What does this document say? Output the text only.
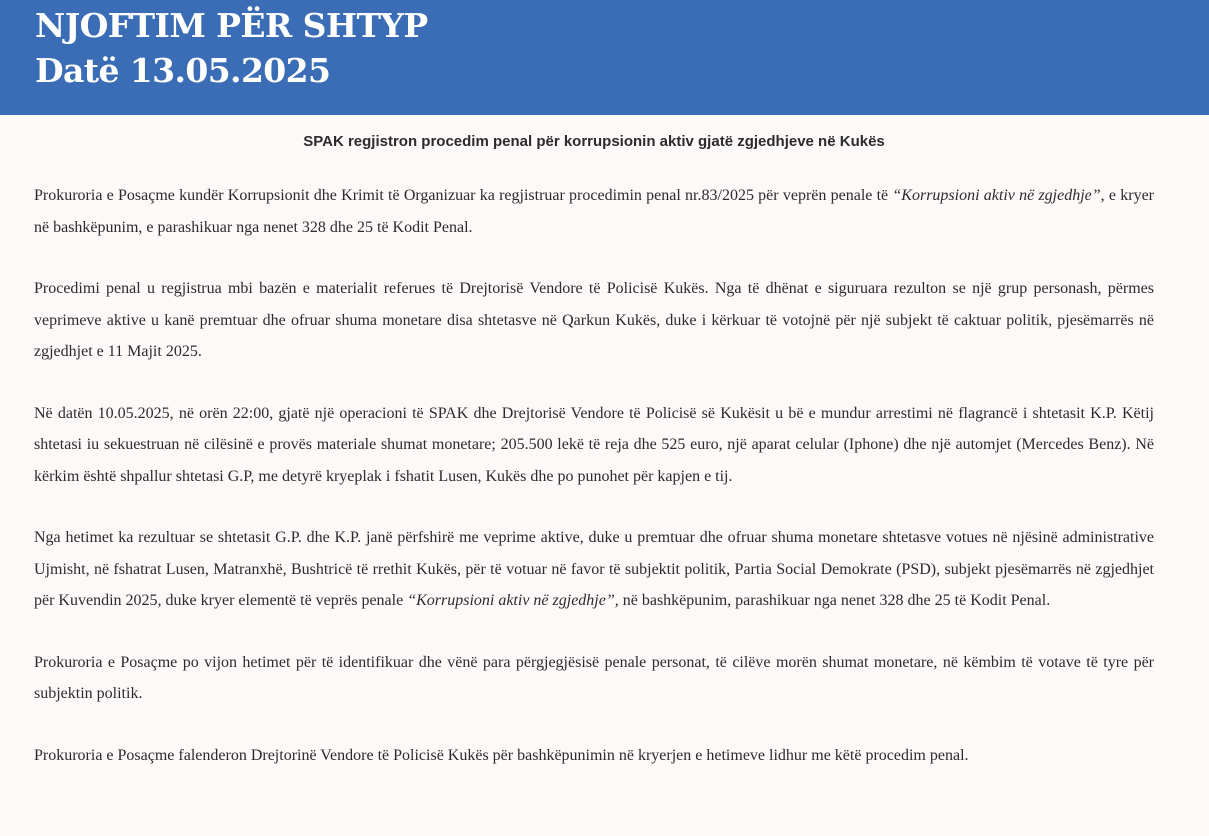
NJOFTIM PËR SHTYP
Datë 13.05.2025
SPAK regjistron procedim penal për korrupsionin aktiv gjatë zgjedhjeve në Kukës

Prokuroria e Posaçme kundër Korrupsionit dhe Krimit të Organizuar ka regjistruar procedimin penal nr.83/2025 për veprën penale të “Korrupsioni aktiv në zgjedhje”, e kryer në bashkëpunim, e parashikuar nga nenet 328 dhe 25 të Kodit Penal.

Procedimi penal u regjistrua mbi bazën e materialit referues të Drejtorisë Vendore të Policisë Kukës. Nga të dhënat e siguruara rezulton se një grup personash, përmes veprimeve aktive u kanë premtuar dhe ofruar shuma monetare disa shtetasve në Qarkun Kukës, duke i kërkuar të votojnë për një subjekt të caktuar politik, pjesëmarrës në zgjedhjet e 11 Majit 2025.

Në datën 10.05.2025, në orën 22:00, gjatë një operacioni të SPAK dhe Drejtorisë Vendore të Policisë së Kukësit u bë e mundur arrestimi në flagrancë i shtetasit K.P. Këtij shtetasi iu sekuestruan në cilësinë e provës materiale shumat monetare; 205.500 lekë të reja dhe 525 euro, një aparat celular (Iphone) dhe një automjet (Mercedes Benz). Në kërkim është shpallur shtetasi G.P, me detyrë kryeplak i fshatit Lusen, Kukës dhe po punohet për kapjen e tij.

Nga hetimet ka rezultuar se shtetasit G.P. dhe K.P. janë përfshirë me veprime aktive, duke u premtuar dhe ofruar shuma monetare shtetasve votues në njësinë administrative Ujmisht, në fshatrat Lusen, Matranxhë, Bushtricë të rrethit Kukës, për të votuar në favor të subjektit politik, Partia Social Demokrate (PSD), subjekt pjesëmarrës në zgjedhjet për Kuvendin 2025, duke kryer elementë të veprës penale “Korrupsioni aktiv në zgjedhje”, në bashkëpunim, parashikuar nga nenet 328 dhe 25 të Kodit Penal.

Prokuroria e Posaçme po vijon hetimet për të identifikuar dhe vënë para përgjegjësisë penale personat, të cilëve morën shumat monetare, në këmbim të votave të tyre për subjektin politik.

Prokuroria e Posaçme falenderon Drejtorinë Vendore të Policisë Kukës për bashkëpunimin në kryerjen e hetimeve lidhur me këtë procedim penal.
